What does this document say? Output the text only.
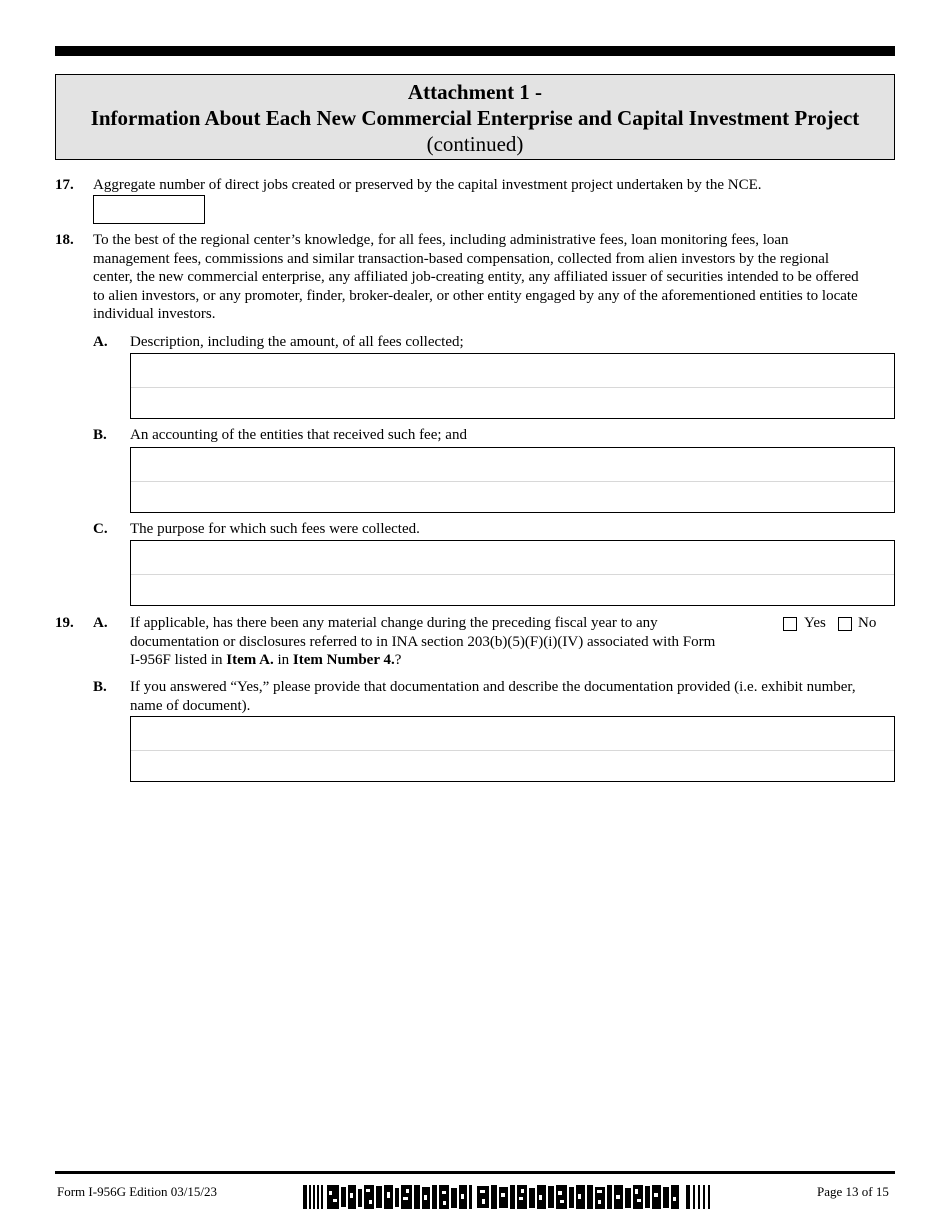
Attachment 1 -
Information About Each New Commercial Enterprise and Capital Investment Project
(continued)
17. Aggregate number of direct jobs created or preserved by the capital investment project undertaken by the NCE.
18. To the best of the regional center’s knowledge, for all fees, including administrative fees, loan monitoring fees, loan
management fees, commissions and similar transaction-based compensation, collected from alien investors by the regional
center, the new commercial enterprise, any affiliated job-creating entity, any affiliated issuer of securities intended to be offered
to alien investors, or any promoter, finder, broker-dealer, or other entity engaged by any of the aforementioned entities to locate
individual investors.
A. Description, including the amount, of all fees collected;
B. An accounting of the entities that received such fee; and
C. The purpose for which such fees were collected.
19. A. If applicable, has there been any material change during the preceding fiscal year to any
documentation or disclosures referred to in INA section 203(b)(5)(F)(i)(IV) associated with Form
I-956F listed in Item A. in Item Number 4.?
Yes No
B. If you answered “Yes,” please provide that documentation and describe the documentation provided (i.e. exhibit number,
name of document).
Form I-956G Edition 03/15/23	Page 13 of 15
